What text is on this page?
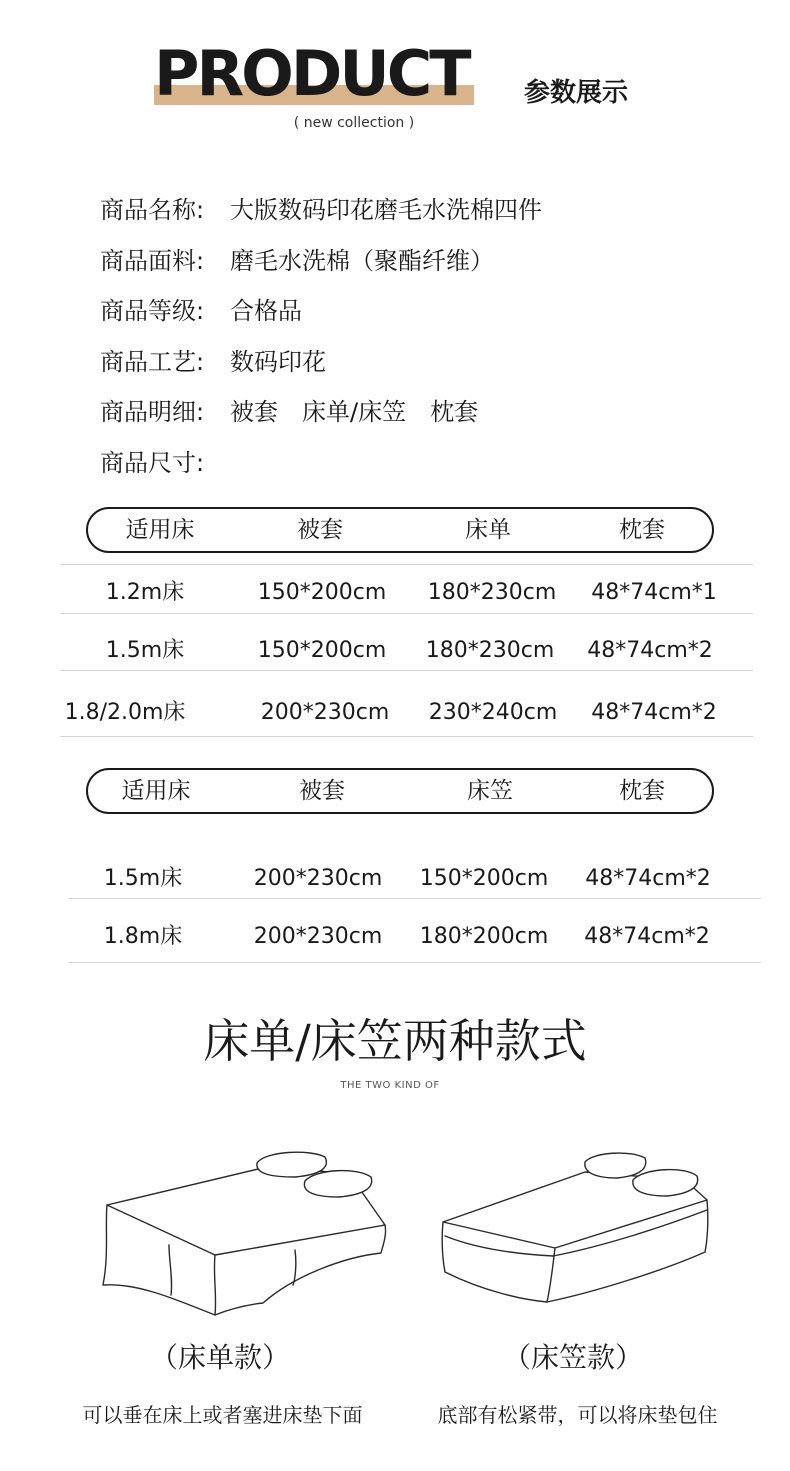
PRODUCT	参数展示
( new collection )
商品名称: 大版数码印花磨毛水洗棉四件
商品面料: 磨毛水洗棉（聚酯纤维）
商品等级: 合格品
商品工艺: 数码印花
商品明细: 被套　床单/床笠　枕套
商品尺寸:
适用床	被套	床单	枕套
1.2m床	150*200cm	180*230cm	48*74cm*1
1.5m床	150*200cm	180*230cm	48*74cm*2
1.8/2.0m床	200*230cm	230*240cm	48*74cm*2
适用床	被套	床笠	枕套
1.5m床	200*230cm	150*200cm	48*74cm*2
1.8m床	200*230cm	180*200cm	48*74cm*2
床单/床笠两种款式
THE TWO KIND OF
（床单款）	（床笠款）
可以垂在床上或者塞进床垫下面	底部有松紧带，可以将床垫包住
